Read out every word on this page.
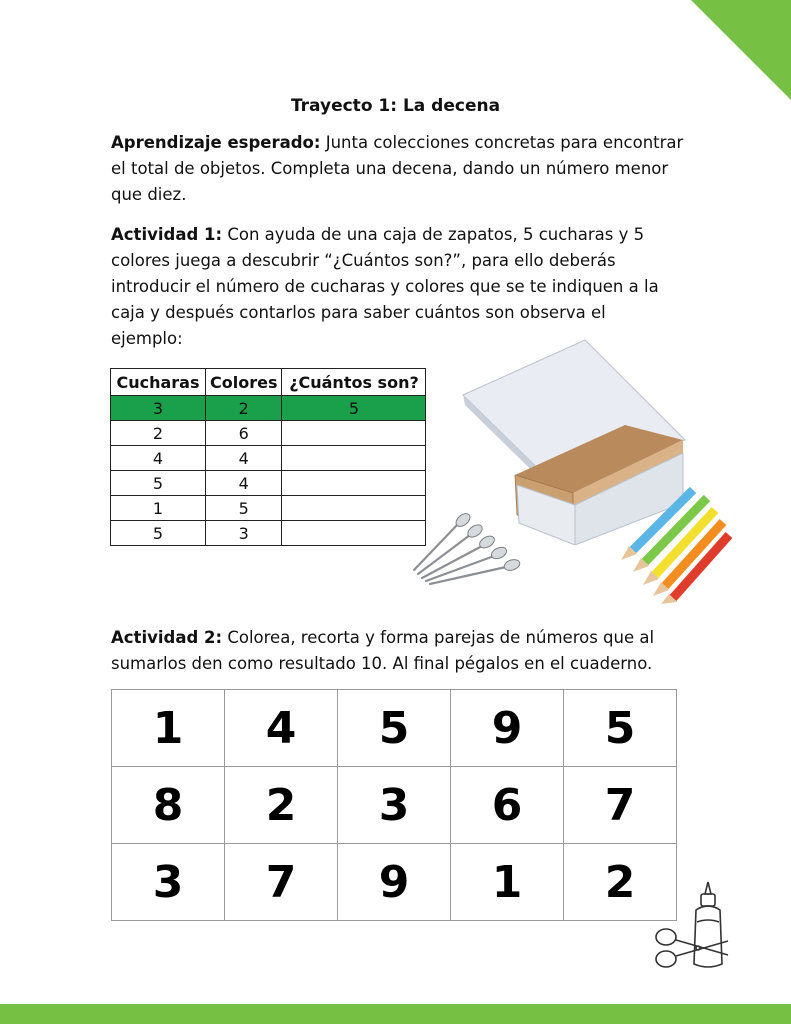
Trayecto 1: La decena
Aprendizaje esperado: Junta colecciones concretas para encontrar
el total de objetos. Completa una decena, dando un número menor
que diez.
Actividad 1: Con ayuda de una caja de zapatos, 5 cucharas y 5
colores juega a descubrir “¿Cuántos son?”, para ello deberás
introducir el número de cucharas y colores que se te indiquen a la
caja y después contarlos para saber cuántos son observa el
ejemplo:
Cucharas	Colores	¿Cuántos son?
3	2	5
2	6	
4	4	
5	4	
1	5	
5	3	
Actividad 2: Colorea, recorta y forma parejas de números que al
sumarlos den como resultado 10. Al final pégalos en el cuaderno.
1	4	5	9	5
8	2	3	6	7
3	7	9	1	2
